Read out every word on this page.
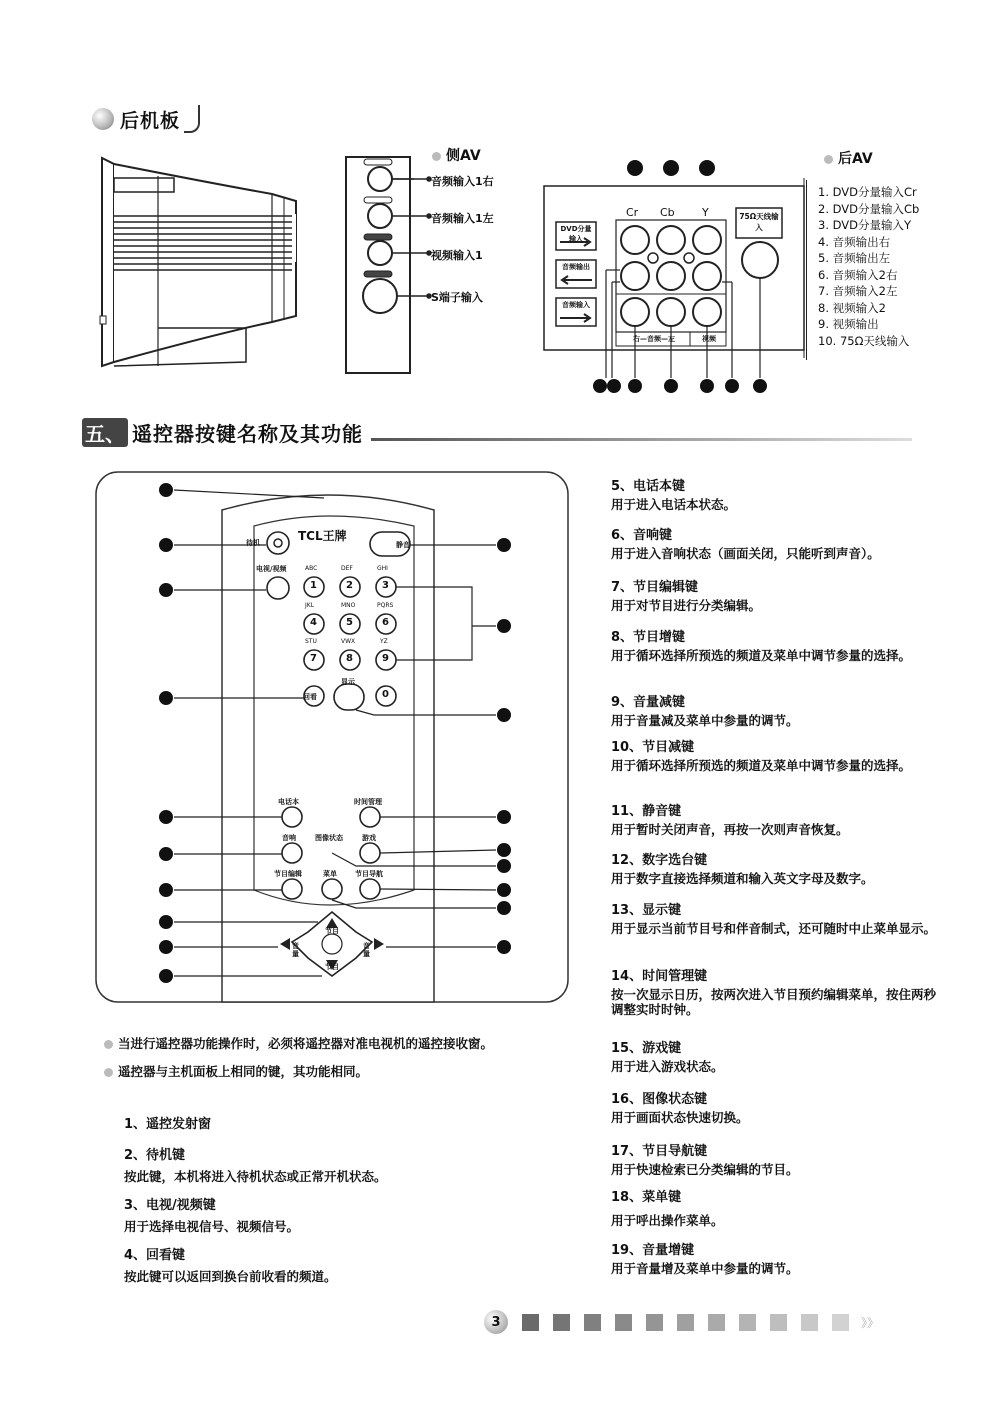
后机板
侧AV
音频输入1右
音频输入1左
视频输入1
S端子输入
后AV
Cr Cb Y
DVD分量输入
音频输出
音频输入
75Ω天线输入
右—音频—左	视频
1. DVD分量输入Cr
2. DVD分量输入Cb
3. DVD分量输入Y
4. 音频输出右
5. 音频输出左
6. 音频输入2右
7. 音频输入2左
8. 视频输入2
9. 视频输出
10. 75Ω天线输入
五、 遥控器按键名称及其功能
TCL王牌
待机	静音
电视/视频
回看
显示
电话本	时间管理
音响	图像状态	游戏
节目编辑	菜单	节目导航
节目
节目
音量
音量
1	2	3
4	5	6
7	8	9
0
ABC	DEF	GHI
JKL	MNO	PQRS
STU	VWX	YZ
5、电话本键
用于进入电话本状态。
6、音响键
用于进入音响状态（画面关闭，只能听到声音）。
7、节目编辑键
用于对节目进行分类编辑。
8、节目增键
用于循环选择所预选的频道及菜单中调节参量的选择。
9、音量减键
用于音量减及菜单中参量的调节。
10、节目减键
用于循环选择所预选的频道及菜单中调节参量的选择。
11、静音键
用于暂时关闭声音，再按一次则声音恢复。
12、数字选台键
用于数字直接选择频道和输入英文字母及数字。
13、显示键
用于显示当前节目号和伴音制式，还可随时中止菜单显示。
14、时间管理键
按一次显示日历，按两次进入节目预约编辑菜单，按住两秒调整实时时钟。
15、游戏键
用于进入游戏状态。
16、图像状态键
用于画面状态快速切换。
17、节目导航键
用于快速检索已分类编辑的节目。
18、菜单键
用于呼出操作菜单。
19、音量增键
用于音量增及菜单中参量的调节。
当进行遥控器功能操作时，必须将遥控器对准电视机的遥控接收窗。
遥控器与主机面板上相同的键，其功能相同。
1、遥控发射窗
2、待机键
按此键，本机将进入待机状态或正常开机状态。
3、电视/视频键
用于选择电视信号、视频信号。
4、回看键
按此键可以返回到换台前收看的频道。
3	》》
